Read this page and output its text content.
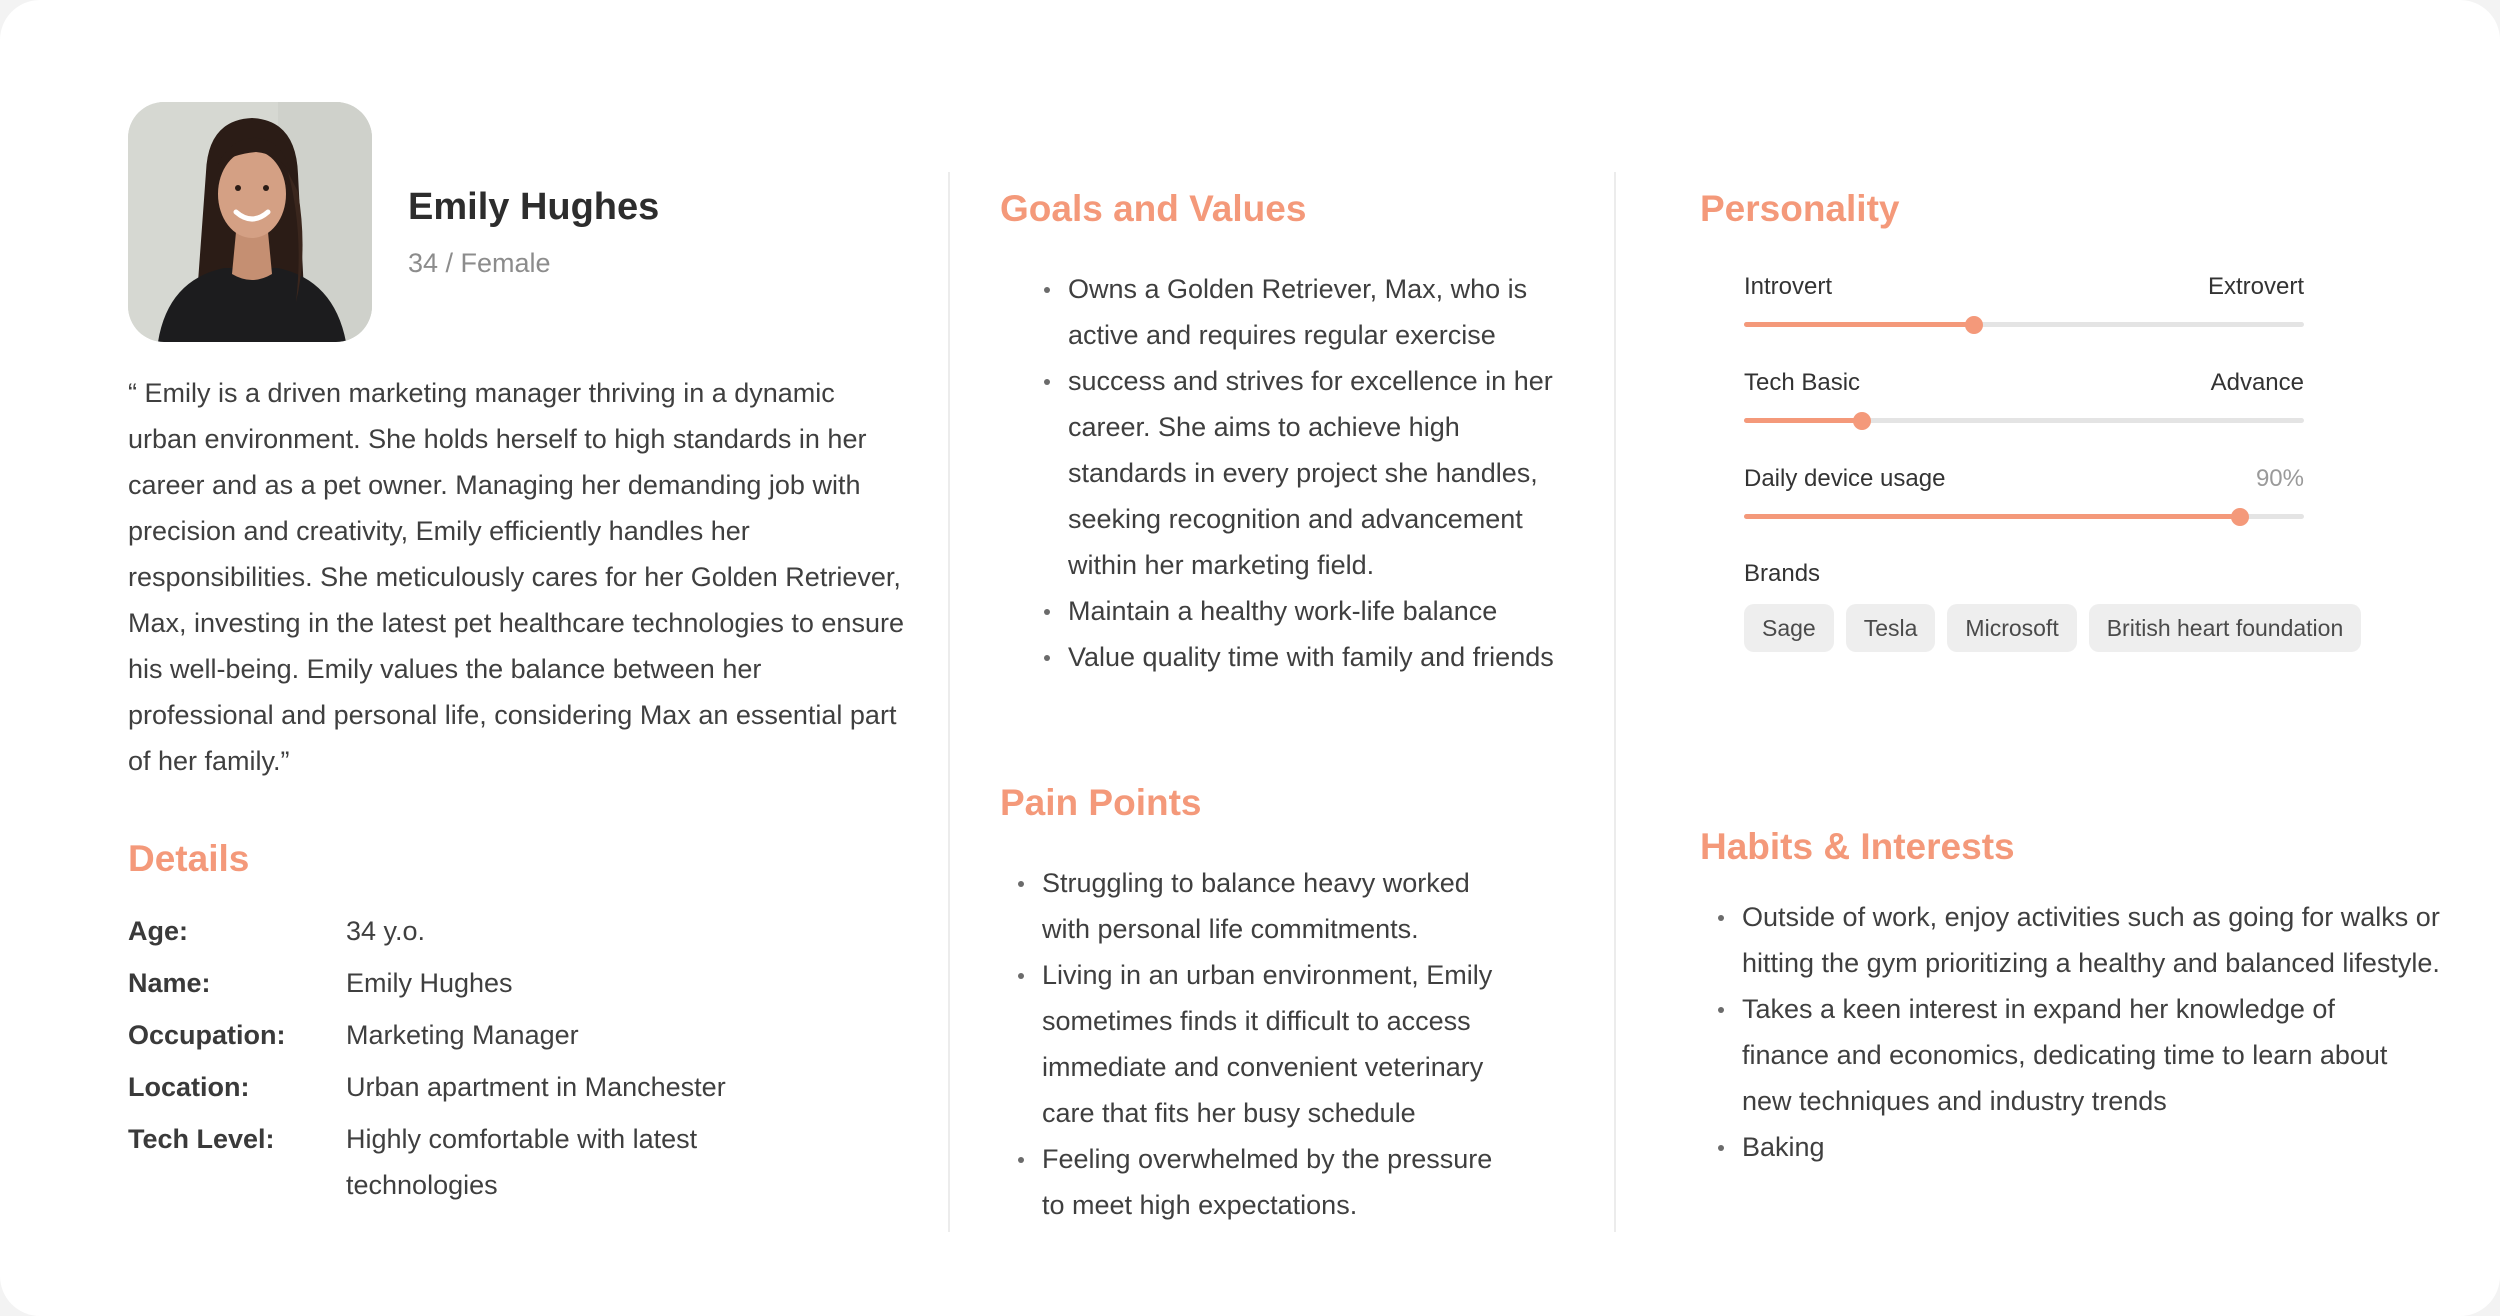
Emily Hughes
34 / Female
“ Emily is a driven marketing manager thriving in a dynamic urban environment. She holds herself to high standards in her career and as a pet owner. Managing her demanding job with precision and creativity, Emily efficiently handles her responsibilities. She meticulously cares for her Golden Retriever, Max, investing in the latest pet healthcare technologies to ensure his well-being. Emily values the balance between her professional and personal life, considering Max an essential part of her family.”
Details
Age:	34 y.o.
Name:	Emily Hughes
Occupation:	Marketing Manager
Location:	Urban apartment in Manchester
Tech Level:	Highly comfortable with latest technologies
Goals and Values
Owns a Golden Retriever, Max, who is active and requires regular exercise
success and strives for excellence in her career. She aims to achieve high standards in every project she handles, seeking recognition and advancement within her marketing field.
Maintain a healthy work-life balance
Value quality time with family and friends
Pain Points
Struggling to balance heavy worked with personal life commitments.
Living in an urban environment, Emily sometimes finds it difficult to access immediate and convenient veterinary care that fits her busy schedule
Feeling overwhelmed by the pressure to meet high expectations.
Personality
Introvert	Extrovert
Tech Basic	Advance
Daily device usage	90%
Brands
Sage	Tesla	Microsoft	British heart foundation
Habits & Interests
Outside of work, enjoy activities such as going for walks or hitting the gym prioritizing a healthy and balanced lifestyle.
Takes a keen interest in expand her knowledge of finance and economics, dedicating time to learn about new techniques and industry trends
Baking
